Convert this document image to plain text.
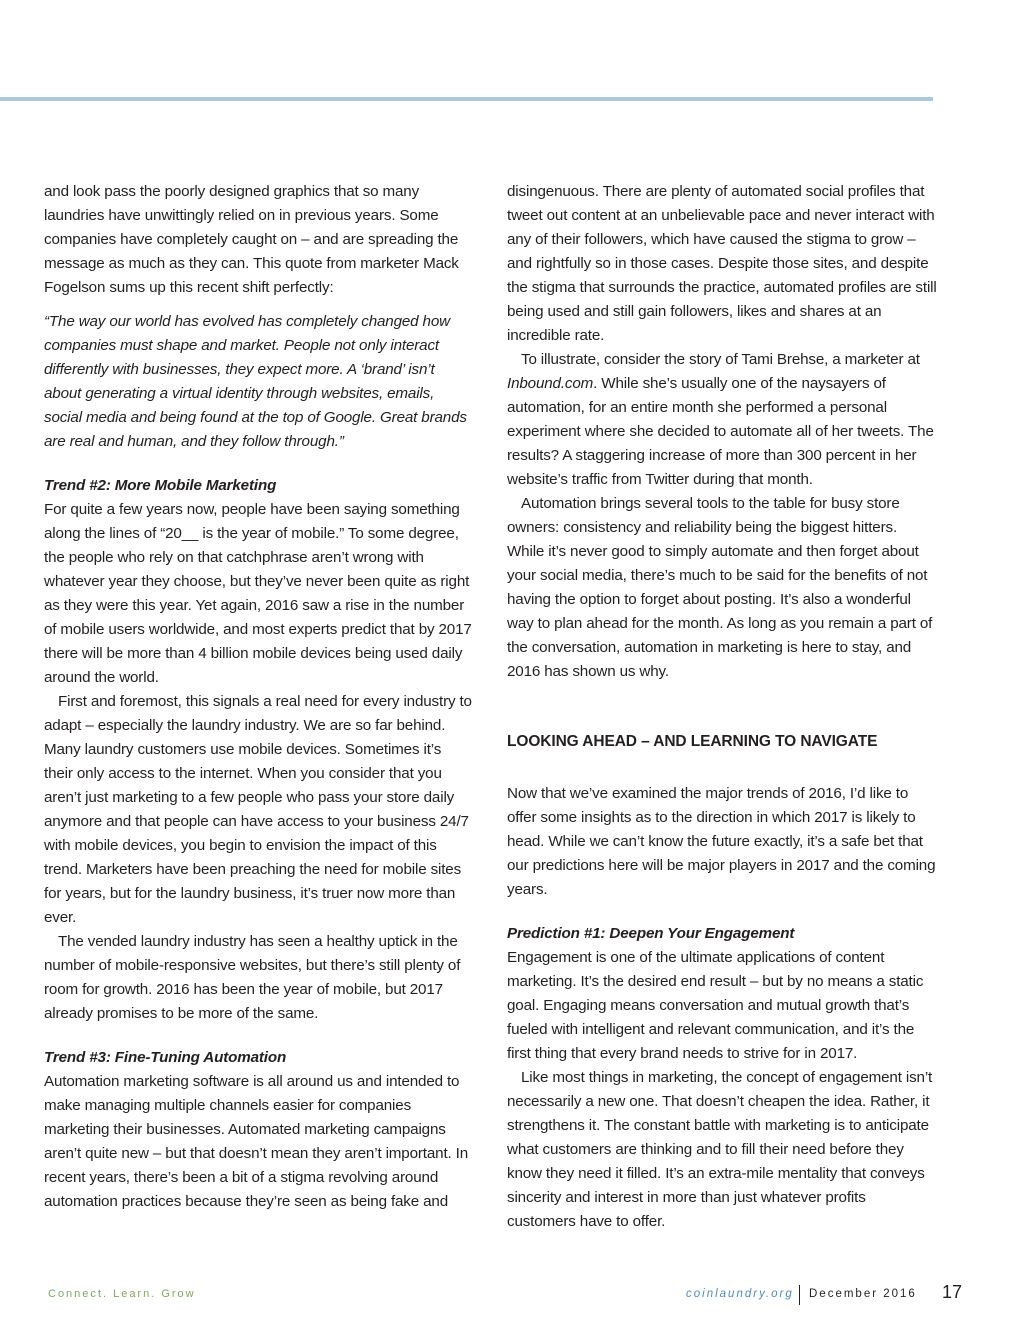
and look pass the poorly designed graphics that so many laundries have unwittingly relied on in previous years. Some companies have completely caught on – and are spreading the message as much as they can. This quote from marketer Mack Fogelson sums up this recent shift perfectly:

“The way our world has evolved has completely changed how companies must shape and market. People not only interact differently with businesses, they expect more. A ‘brand’ isn’t about generating a virtual identity through websites, emails, social media and being found at the top of Google. Great brands are real and human, and they follow through.”

Trend #2: More Mobile Marketing

For quite a few years now, people have been saying something along the lines of “20__ is the year of mobile.” To some degree, the people who rely on that catchphrase aren’t wrong with whatever year they choose, but they’ve never been quite as right as they were this year. Yet again, 2016 saw a rise in the number of mobile users worldwide, and most experts predict that by 2017 there will be more than 4 billion mobile devices being used daily around the world.

First and foremost, this signals a real need for every industry to adapt – especially the laundry industry. We are so far behind. Many laundry customers use mobile devices. Sometimes it’s their only access to the internet. When you consider that you aren’t just marketing to a few people who pass your store daily anymore and that people can have access to your business 24/7 with mobile devices, you begin to envision the impact of this trend. Marketers have been preaching the need for mobile sites for years, but for the laundry business, it’s truer now more than ever.

The vended laundry industry has seen a healthy uptick in the number of mobile-responsive websites, but there’s still plenty of room for growth. 2016 has been the year of mobile, but 2017 already promises to be more of the same.

Trend #3: Fine-Tuning Automation

Automation marketing software is all around us and intended to make managing multiple channels easier for companies marketing their businesses. Automated marketing campaigns aren’t quite new – but that doesn’t mean they aren’t important. In recent years, there’s been a bit of a stigma revolving around automation practices because they’re seen as being fake and

disingenuous. There are plenty of automated social profiles that tweet out content at an unbelievable pace and never interact with any of their followers, which have caused the stigma to grow – and rightfully so in those cases. Despite those sites, and despite the stigma that surrounds the practice, automated profiles are still being used and still gain followers, likes and shares at an incredible rate.

To illustrate, consider the story of Tami Brehse, a marketer at Inbound.com. While she’s usually one of the naysayers of automation, for an entire month she performed a personal experiment where she decided to automate all of her tweets. The results? A staggering increase of more than 300 percent in her website’s traffic from Twitter during that month.

Automation brings several tools to the table for busy store owners: consistency and reliability being the biggest hitters. While it’s never good to simply automate and then forget about your social media, there’s much to be said for the benefits of not having the option to forget about posting. It’s also a wonderful way to plan ahead for the month. As long as you remain a part of the conversation, automation in marketing is here to stay, and 2016 has shown us why.

LOOKING AHEAD – AND LEARNING TO NAVIGATE

Now that we’ve examined the major trends of 2016, I’d like to offer some insights as to the direction in which 2017 is likely to head. While we can’t know the future exactly, it’s a safe bet that our predictions here will be major players in 2017 and the coming years.

Prediction #1: Deepen Your Engagement

Engagement is one of the ultimate applications of content marketing. It’s the desired end result – but by no means a static goal. Engaging means conversation and mutual growth that’s fueled with intelligent and relevant communication, and it’s the first thing that every brand needs to strive for in 2017.

Like most things in marketing, the concept of engagement isn’t necessarily a new one. That doesn’t cheapen the idea. Rather, it strengthens it. The constant battle with marketing is to anticipate what customers are thinking and to fill their need before they know they need it filled. It’s an extra-mile mentality that conveys sincerity and interest in more than just whatever profits customers have to offer.

Connect. Learn. Grow	coinlaundry.org December 2016 17
